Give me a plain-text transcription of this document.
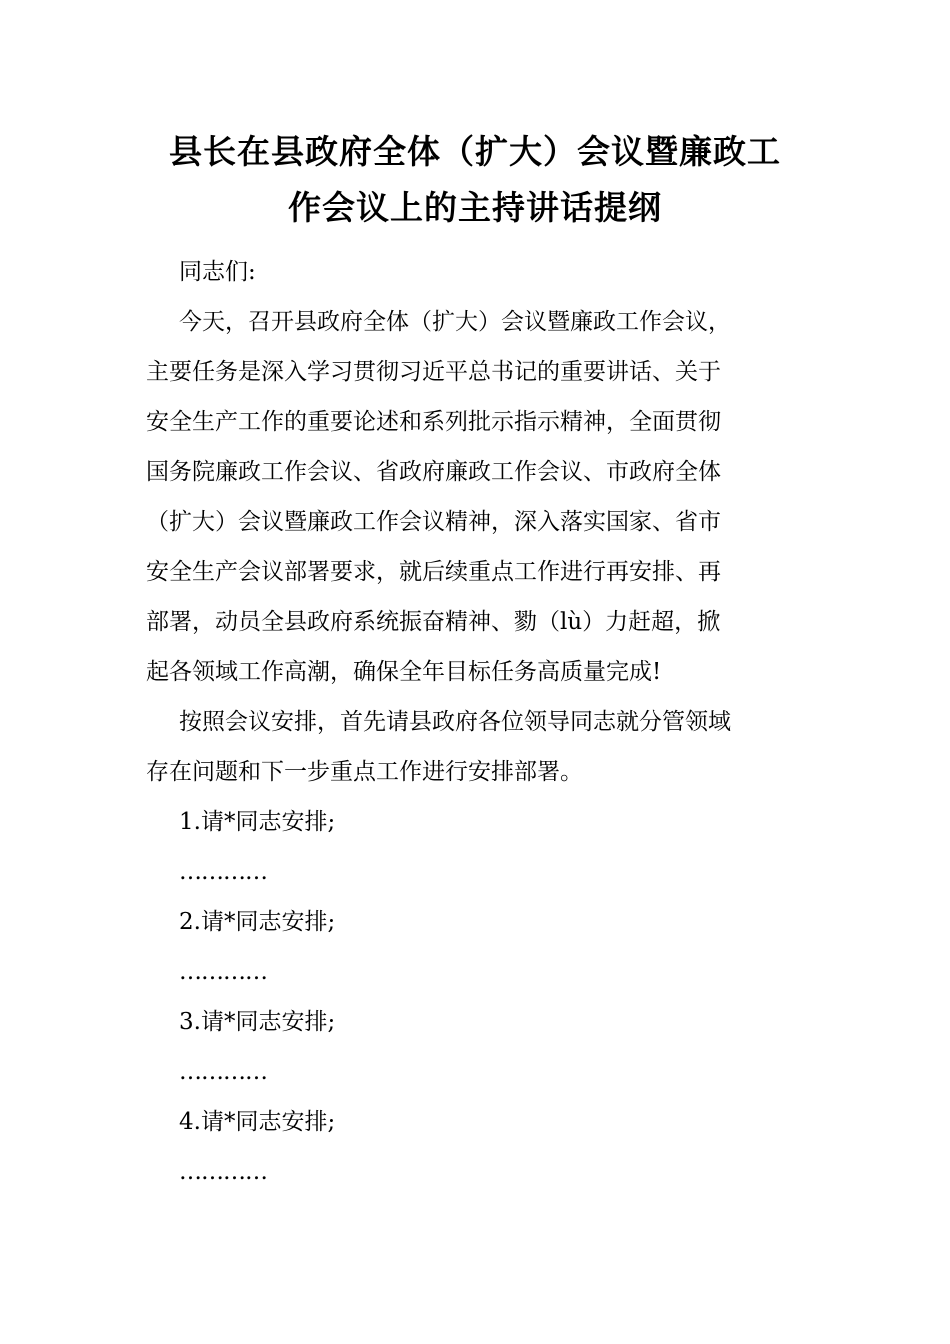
县长在县政府全体（扩大）会议暨廉政工
作会议上的主持讲话提纲

同志们:

今天，召开县政府全体（扩大）会议暨廉政工作会议，
主要任务是深入学习贯彻习近平总书记的重要讲话、关于
安全生产工作的重要论述和系列批示指示精神，全面贯彻
国务院廉政工作会议、省政府廉政工作会议、市政府全体
（扩大）会议暨廉政工作会议精神，深入落实国家、省市
安全生产会议部署要求，就后续重点工作进行再安排、再
部署，动员全县政府系统振奋精神、勠（lù）力赶超，掀
起各领域工作高潮，确保全年目标任务高质量完成!

按照会议安排，首先请县政府各位领导同志就分管领域
存在问题和下一步重点工作进行安排部署。

1.请*同志安排;

…………

2.请*同志安排;

…………

3.请*同志安排;

…………

4.请*同志安排;

…………
